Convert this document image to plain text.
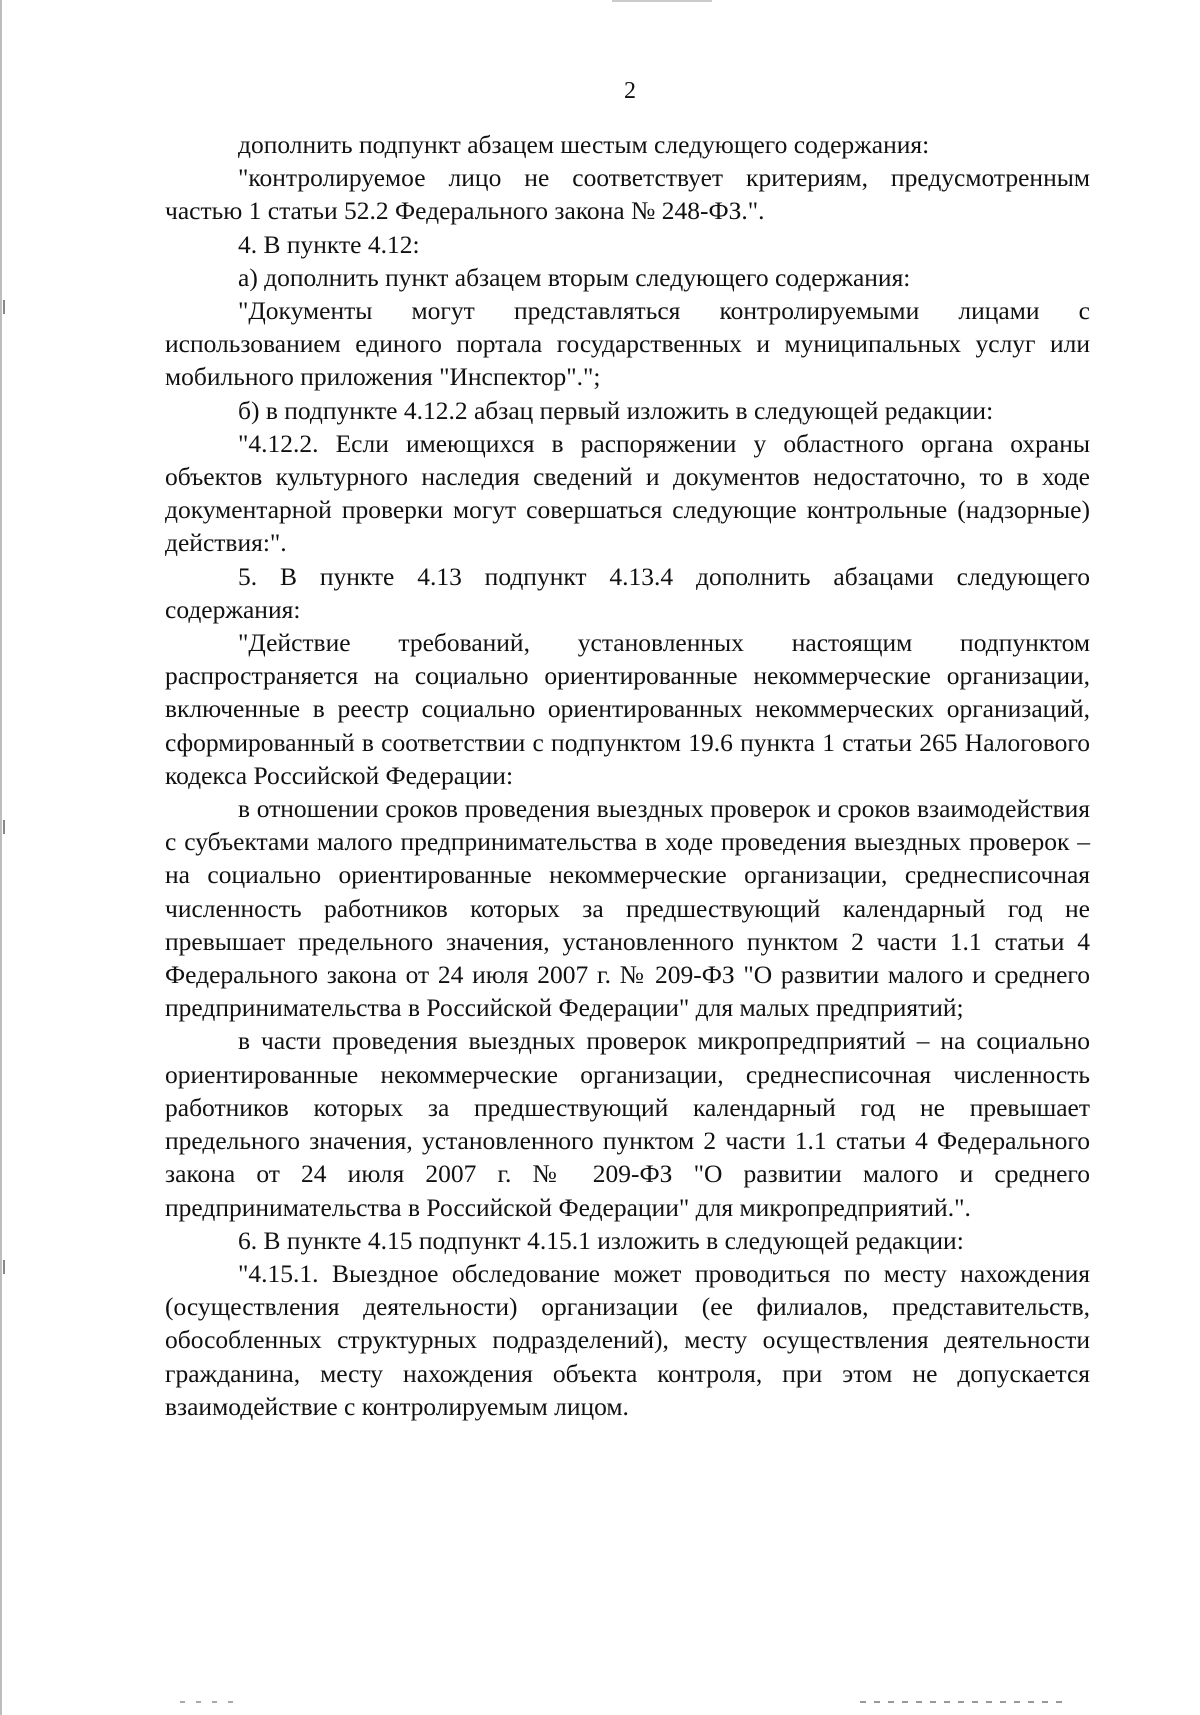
2

дополнить подпункт абзацем шестым следующего содержания:

"контролируемое лицо не соответствует критериям, предусмотренным частью 1 статьи 52.2 Федерального закона № 248-ФЗ.".

4. В пункте 4.12:

а) дополнить пункт абзацем вторым следующего содержания:

"Документы могут представляться контролируемыми лицами с использованием единого портала государственных и муниципальных услуг или мобильного приложения "Инспектор".";

б) в подпункте 4.12.2 абзац первый изложить в следующей редакции:

"4.12.2. Если имеющихся в распоряжении у областного органа охраны объектов культурного наследия сведений и документов недостаточно, то в ходе документарной проверки могут совершаться следующие контрольные (надзорные) действия:".

5. В пункте 4.13 подпункт 4.13.4 дополнить абзацами следующего содержания:

"Действие требований, установленных настоящим подпунктом распространяется на социально ориентированные некоммерческие организации, включенные в реестр социально ориентированных некоммерческих организаций, сформированный в соответствии с подпунктом 19.6 пункта 1 статьи 265 Налогового кодекса Российской Федерации:

в отношении сроков проведения выездных проверок и сроков взаимодействия с субъектами малого предпринимательства в ходе проведения выездных проверок – на социально ориентированные некоммерческие организации, среднесписочная численность работников которых за предшествующий календарный год не превышает предельного значения, установленного пунктом 2 части 1.1 статьи 4 Федерального закона от 24 июля 2007 г. № 209-ФЗ "О развитии малого и среднего предпринимательства в Российской Федерации" для малых предприятий;

в части проведения выездных проверок микропредприятий – на социально ориентированные некоммерческие организации, среднесписочная численность работников которых за предшествующий календарный год не превышает предельного значения, установленного пунктом 2 части 1.1 статьи 4 Федерального закона от 24 июля 2007 г. № 209-ФЗ "О развитии малого и среднего предпринимательства в Российской Федерации" для микропредприятий.".

6. В пункте 4.15 подпункт 4.15.1 изложить в следующей редакции:

"4.15.1. Выездное обследование может проводиться по месту нахождения (осуществления деятельности) организации (ее филиалов, представительств, обособленных структурных подразделений), месту осуществления деятельности гражданина, месту нахождения объекта контроля, при этом не допускается взаимодействие с контролируемым лицом.
